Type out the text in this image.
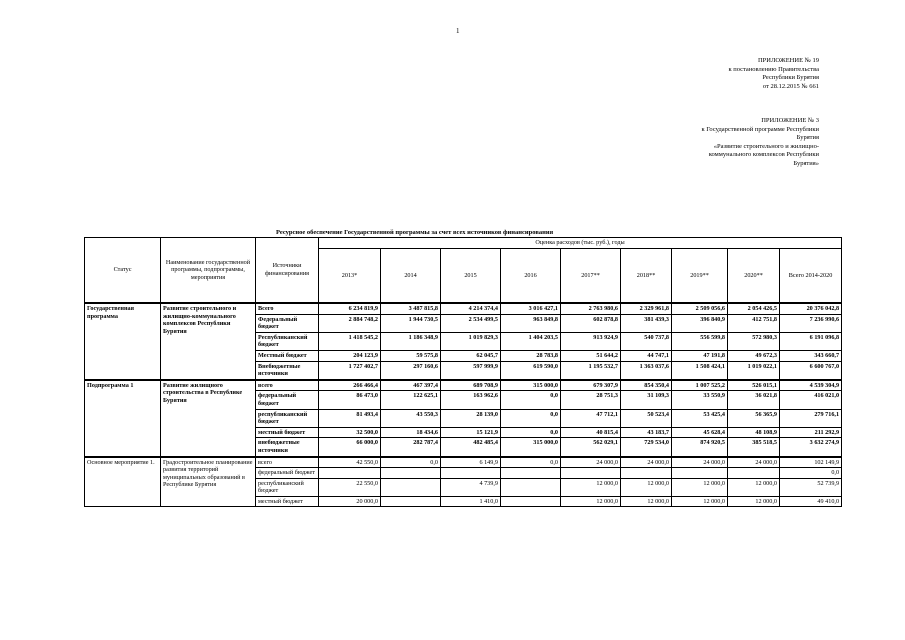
1
ПРИЛОЖЕНИЕ № 19
к постановлению Правительства
Республики Бурятия
от 28.12.2015 № 661
ПРИЛОЖЕНИЕ № 3
к Государственной программе Республики
Бурятия
«Развитие строительного и жилищно-
коммунального комплексов Республики
Бурятия»
Ресурсное обеспечение Государственной программы за счет всех источников финансирования
Статус	Наименование государственной программы, подпрограммы, мероприятия	Источники финансирования	Оценка расходов (тыс. руб.), годы								
			2013*	2014	2015	2016	2017**	2018**	2019**	2020**	Всего 2014-2020
Государственная программа	Развитие строительного и жилищно-коммунального комплексов Республики Бурятия	Всего	6 234 819,9	3 487 815,8	4 214 374,4	3 016 427,1	2 763 980,6	2 329 961,8	2 509 056,6	2 054 426,5	20 376 042,8
		Федеральный бюджет	2 884 748,2	1 944 730,5	2 534 499,5	963 849,8	602 878,8	381 439,3	396 840,9	412 751,8	7 236 990,6
		Республиканский бюджет	1 418 545,2	1 186 348,9	1 019 829,3	1 404 203,5	913 924,9	540 737,8	556 599,8	572 980,3	6 191 096,8
		Местный бюджет	204 123,9	59 575,8	62 045,7	28 783,8	51 644,2	44 747,1	47 191,8	49 672,3	343 660,7
		Внебюджетные источники	1 727 402,7	297 160,6	597 999,9	619 590,0	1 195 532,7	1 363 037,6	1 508 424,1	1 019 022,1	6 600 767,0
Подпрограмма 1	Развитие жилищного строительства в Республике Бурятия	всего	266 466,4	467 397,4	689 708,9	315 000,0	679 307,9	854 350,4	1 007 525,2	526 015,1	4 539 304,9
		федеральный бюджет	86 473,0	122 625,1	163 962,6	0,0	28 751,3	31 109,3	33 550,9	36 021,8	416 021,0
		республиканский бюджет	81 493,4	43 550,3	28 139,0	0,0	47 712,1	50 523,4	53 425,4	56 365,9	279 716,1
		местный бюджет	32 500,0	18 434,6	15 121,9	0,0	40 815,4	43 183,7	45 628,4	48 108,9	211 292,9
		внебюджетные источники	66 000,0	282 787,4	482 485,4	315 000,0	562 029,1	729 534,0	874 920,5	385 518,5	3 632 274,9
Основное мероприятие 1.	Градостроительное планирование развития территорий муниципальных образований в Республике Бурятия	всего	42 550,0	0,0	6 149,9	0,0	24 000,0	24 000,0	24 000,0	24 000,0	102 149,9
		федеральный бюджет									0,0
		республиканский бюджет	22 550,0		4 739,9		12 000,0	12 000,0	12 000,0	12 000,0	52 739,9
		местный бюджет	20 000,0		1 410,0		12 000,0	12 000,0	12 000,0	12 000,0	49 410,0
